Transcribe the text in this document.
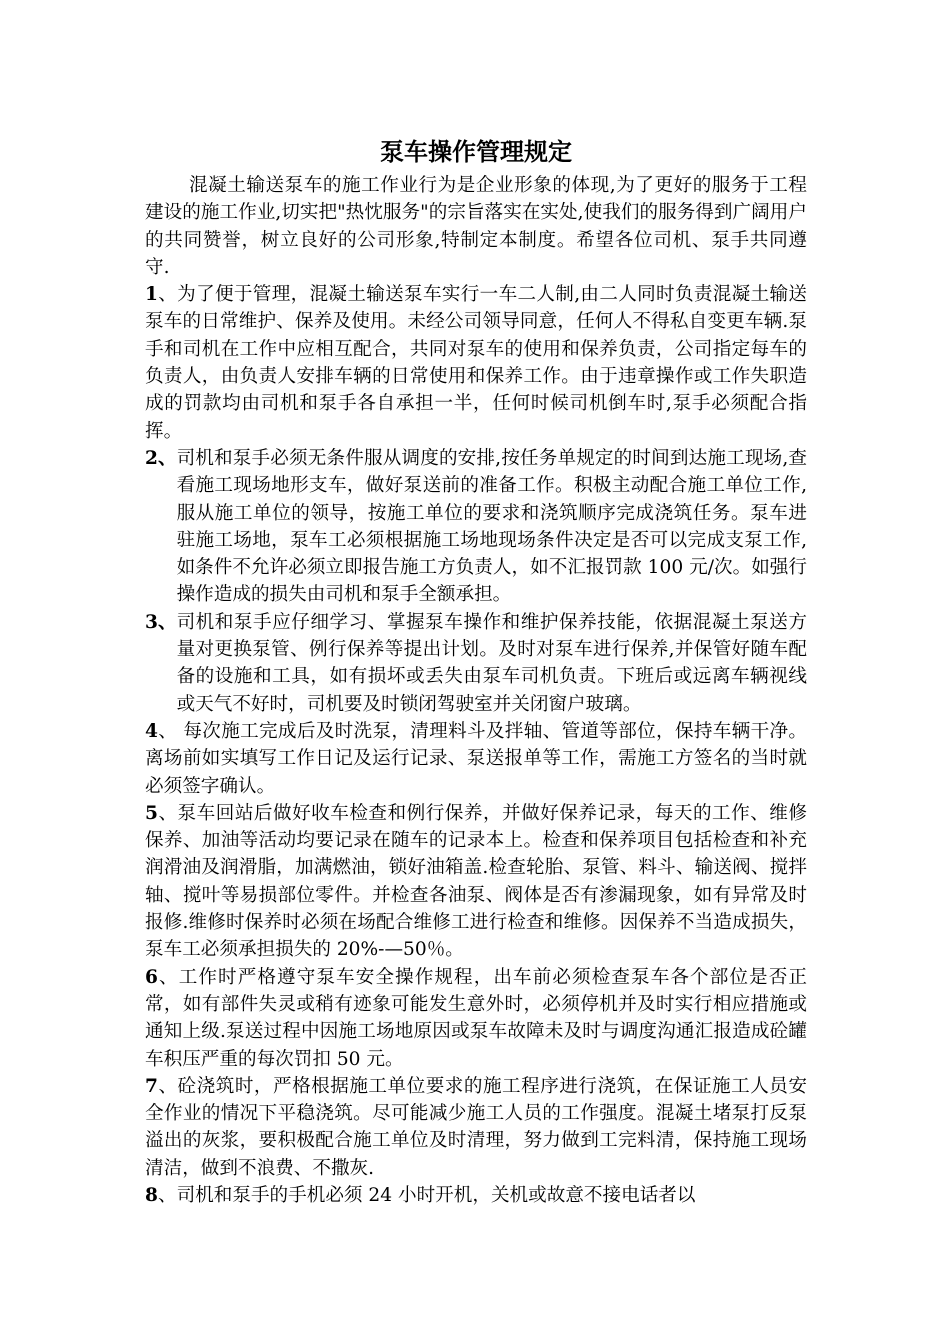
泵车操作管理规定

混凝土输送泵车的施工作业行为是企业形象的体现,为了更好的服务于工程建设的施工作业,切实把"热忱服务"的宗旨落实在实处,使我们的服务得到广阔用户的共同赞誉，树立良好的公司形象,特制定本制度。希望各位司机、泵手共同遵守.

1、为了便于管理，混凝土输送泵车实行一车二人制,由二人同时负责混凝土输送泵车的日常维护、保养及使用。未经公司领导同意，任何人不得私自变更车辆.泵手和司机在工作中应相互配合，共同对泵车的使用和保养负责，公司指定每车的负责人，由负责人安排车辆的日常使用和保养工作。由于违章操作或工作失职造成的罚款均由司机和泵手各自承担一半，任何时候司机倒车时,泵手必须配合指挥。
2、 司机和泵手必须无条件服从调度的安排,按任务单规定的时间到达施工现场,查看施工现场地形支车，做好泵送前的准备工作。积极主动配合施工单位工作,服从施工单位的领导，按施工单位的要求和浇筑顺序完成浇筑任务。泵车进驻施工场地，泵车工必须根据施工场地现场条件决定是否可以完成支泵工作,如条件不允许必须立即报告施工方负责人，如不汇报罚款 100 元/次。如强行操作造成的损失由司机和泵手全额承担。
3、 司机和泵手应仔细学习、掌握泵车操作和维护保养技能，依据混凝土泵送方量对更换泵管、例行保养等提出计划。及时对泵车进行保养,并保管好随车配备的设施和工具，如有损坏或丢失由泵车司机负责。下班后或远离车辆视线或天气不好时，司机要及时锁闭驾驶室并关闭窗户玻璃。
4、 每次施工完成后及时洗泵，清理料斗及拌轴、管道等部位，保持车辆干净。离场前如实填写工作日记及运行记录、泵送报单等工作，需施工方签名的当时就必须签字确认。
5、泵车回站后做好收车检查和例行保养，并做好保养记录，每天的工作、维修保养、加油等活动均要记录在随车的记录本上。检查和保养项目包括检查和补充润滑油及润滑脂，加满燃油，锁好油箱盖.检查轮胎、泵管、料斗、输送阀、搅拌轴、搅叶等易损部位零件。并检查各油泵、阀体是否有渗漏现象，如有异常及时报修.维修时保养时必须在场配合维修工进行检查和维修。因保养不当造成损失，泵车工必须承担损失的 20%-—50％。
6、工作时严格遵守泵车安全操作规程，出车前必须检查泵车各个部位是否正常，如有部件失灵或稍有迹象可能发生意外时，必须停机并及时实行相应措施或通知上级.泵送过程中因施工场地原因或泵车故障未及时与调度沟通汇报造成砼罐车积压严重的每次罚扣 50 元。
7、砼浇筑时，严格根据施工单位要求的施工程序进行浇筑，在保证施工人员安全作业的情况下平稳浇筑。尽可能减少施工人员的工作强度。混凝土堵泵打反泵溢出的灰浆，要积极配合施工单位及时清理，努力做到工完料清，保持施工现场清洁，做到不浪费、不撒灰.
8、司机和泵手的手机必须 24 小时开机，关机或故意不接电话者以
